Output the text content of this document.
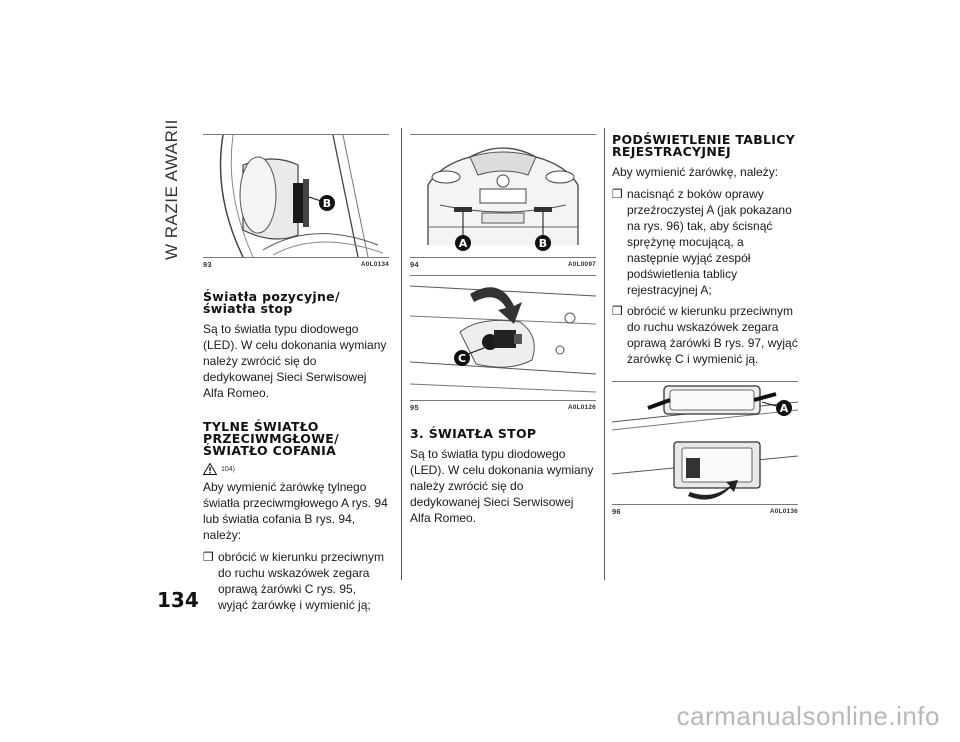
W RAZIE AWARII
134
B
93	A0L0134
Światła pozycyjne/ światła stop

Są to światła typu diodowego (LED). W celu dokonania wymiany należy zwrócić się do dedykowanej Sieci Serwisowej Alfa Romeo.

TYLNE ŚWIATŁO PRZECIWMGŁOWE/ ŚWIATŁO COFANIA
104)

Aby wymienić żarówkę tylnego światła przeciwmgłowego A rys. 94 lub światła cofania B rys. 94, należy:

❒ obrócić w kierunku przeciwnym do ruchu wskazówek zegara oprawą żarówki C rys. 95, wyjąć żarówkę i wymienić ją;
A	B
94	A0L0097
C
95	A0L0126
3. ŚWIATŁA STOP

Są to światła typu diodowego (LED). W celu dokonania wymiany należy zwrócić się do dedykowanej Sieci Serwisowej Alfa Romeo.

PODŚWIETLENIE TABLICY REJESTRACYJNEJ

Aby wymienić żarówkę, należy:

❒ nacisnąć z boków oprawy przeźroczystej A (jak pokazano na rys. 96) tak, aby ścisnąć sprężynę mocującą, a następnie wyjąć zespół podświetlenia tablicy rejestracyjnej A;
❒ obrócić w kierunku przeciwnym do ruchu wskazówek zegara oprawą żarówki B rys. 97, wyjąć żarówkę C i wymienić ją.
A
96	A0L0136
carmanualsonline.info
